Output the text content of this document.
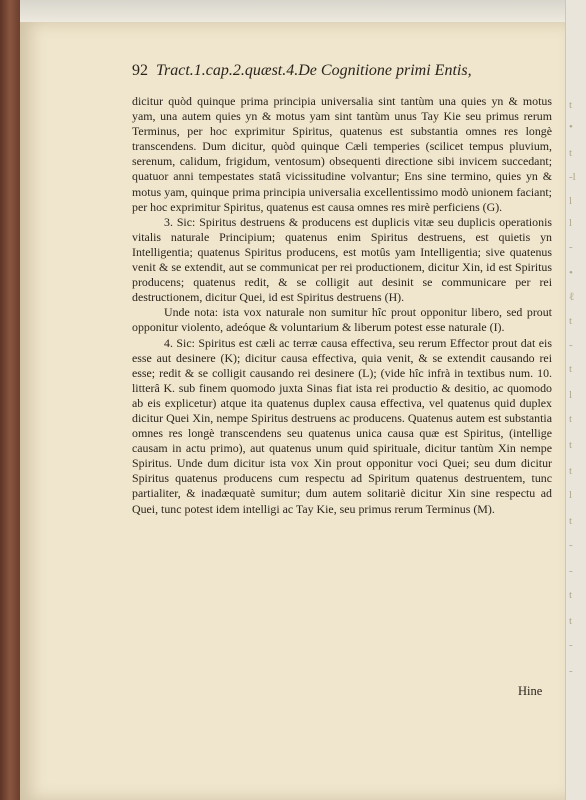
t
•
t
-l
l
l
-
•
ℓ
t
-
t
l
t
t
t
l
t
-
-
t
t
-
-
92 Tract.1.cap.2.quæst.4.De Cognitione primi Entis,

dicitur quòd quinque prima principia universalia sint tantùm una quies yn & motus yam, una autem quies yn & motus yam sint tantùm unus Tay Kie seu primus rerum Terminus, per hoc exprimitur Spiritus, quatenus est substantia omnes res longè transcendens. Dum dicitur, quòd quinque Cæli temperies (scilicet tempus pluvium, serenum, calidum, frigidum, ventosum) obsequenti directione sibi invicem succedant; quatuor anni tempestates statâ vicissitudine volvantur; Ens sine termino, quies yn & motus yam, quinque prima principia universalia excellentissimo modò unionem faciant; per hoc exprimitur Spiritus, quatenus est causa omnes res mirè perficiens (G).

3. Sic: Spiritus destruens & producens est duplicis vitæ seu duplicis operationis vitalis naturale Principium; quatenus enim Spiritus destruens, est quietis yn Intelligentia; quatenus Spiritus producens, est motûs yam Intelligentia; sive quatenus venit & se extendit, aut se communicat per rei productionem, dicitur Xin, id est Spiritus producens; quatenus redit, & se colligit aut desinit se communicare per rei destructionem, dicitur Quei, id est Spiritus destruens (H).

Unde nota: ista vox naturale non sumitur hîc prout opponitur libero, sed prout opponitur violento, adeóque & voluntarium & liberum potest esse naturale (I).

4. Sic: Spiritus est cæli ac terræ causa effectiva, seu rerum Effector prout dat eis esse aut desinere (K); dicitur causa effectiva, quia venit, & se extendit causando rei esse; redit & se colligit causando rei desinere (L); (vide hîc infrà in textibus num. 10. litterâ K. sub finem quomodo juxta Sinas fiat ista rei productio & desitio, ac quomodo ab eis explicetur) atque ita quatenus duplex causa effectiva, vel quatenus quid duplex dicitur Quei Xin, nempe Spiritus destruens ac producens. Quatenus autem est substantia omnes res longè transcendens seu quatenus unica causa quæ est Spiritus, (intellige causam in actu primo), aut quatenus unum quid spirituale, dicitur tantùm Xin nempe Spiritus. Unde dum dicitur ista vox Xin prout opponitur voci Quei; seu dum dicitur Spiritus quatenus producens cum respectu ad Spiritum quatenus destruentem, tunc partialiter, & inadæquatè sumitur; dum autem solitariè dicitur Xin sine respectu ad Quei, tunc potest idem intelligi ac Tay Kie, seu primus rerum Terminus (M).

Hine
